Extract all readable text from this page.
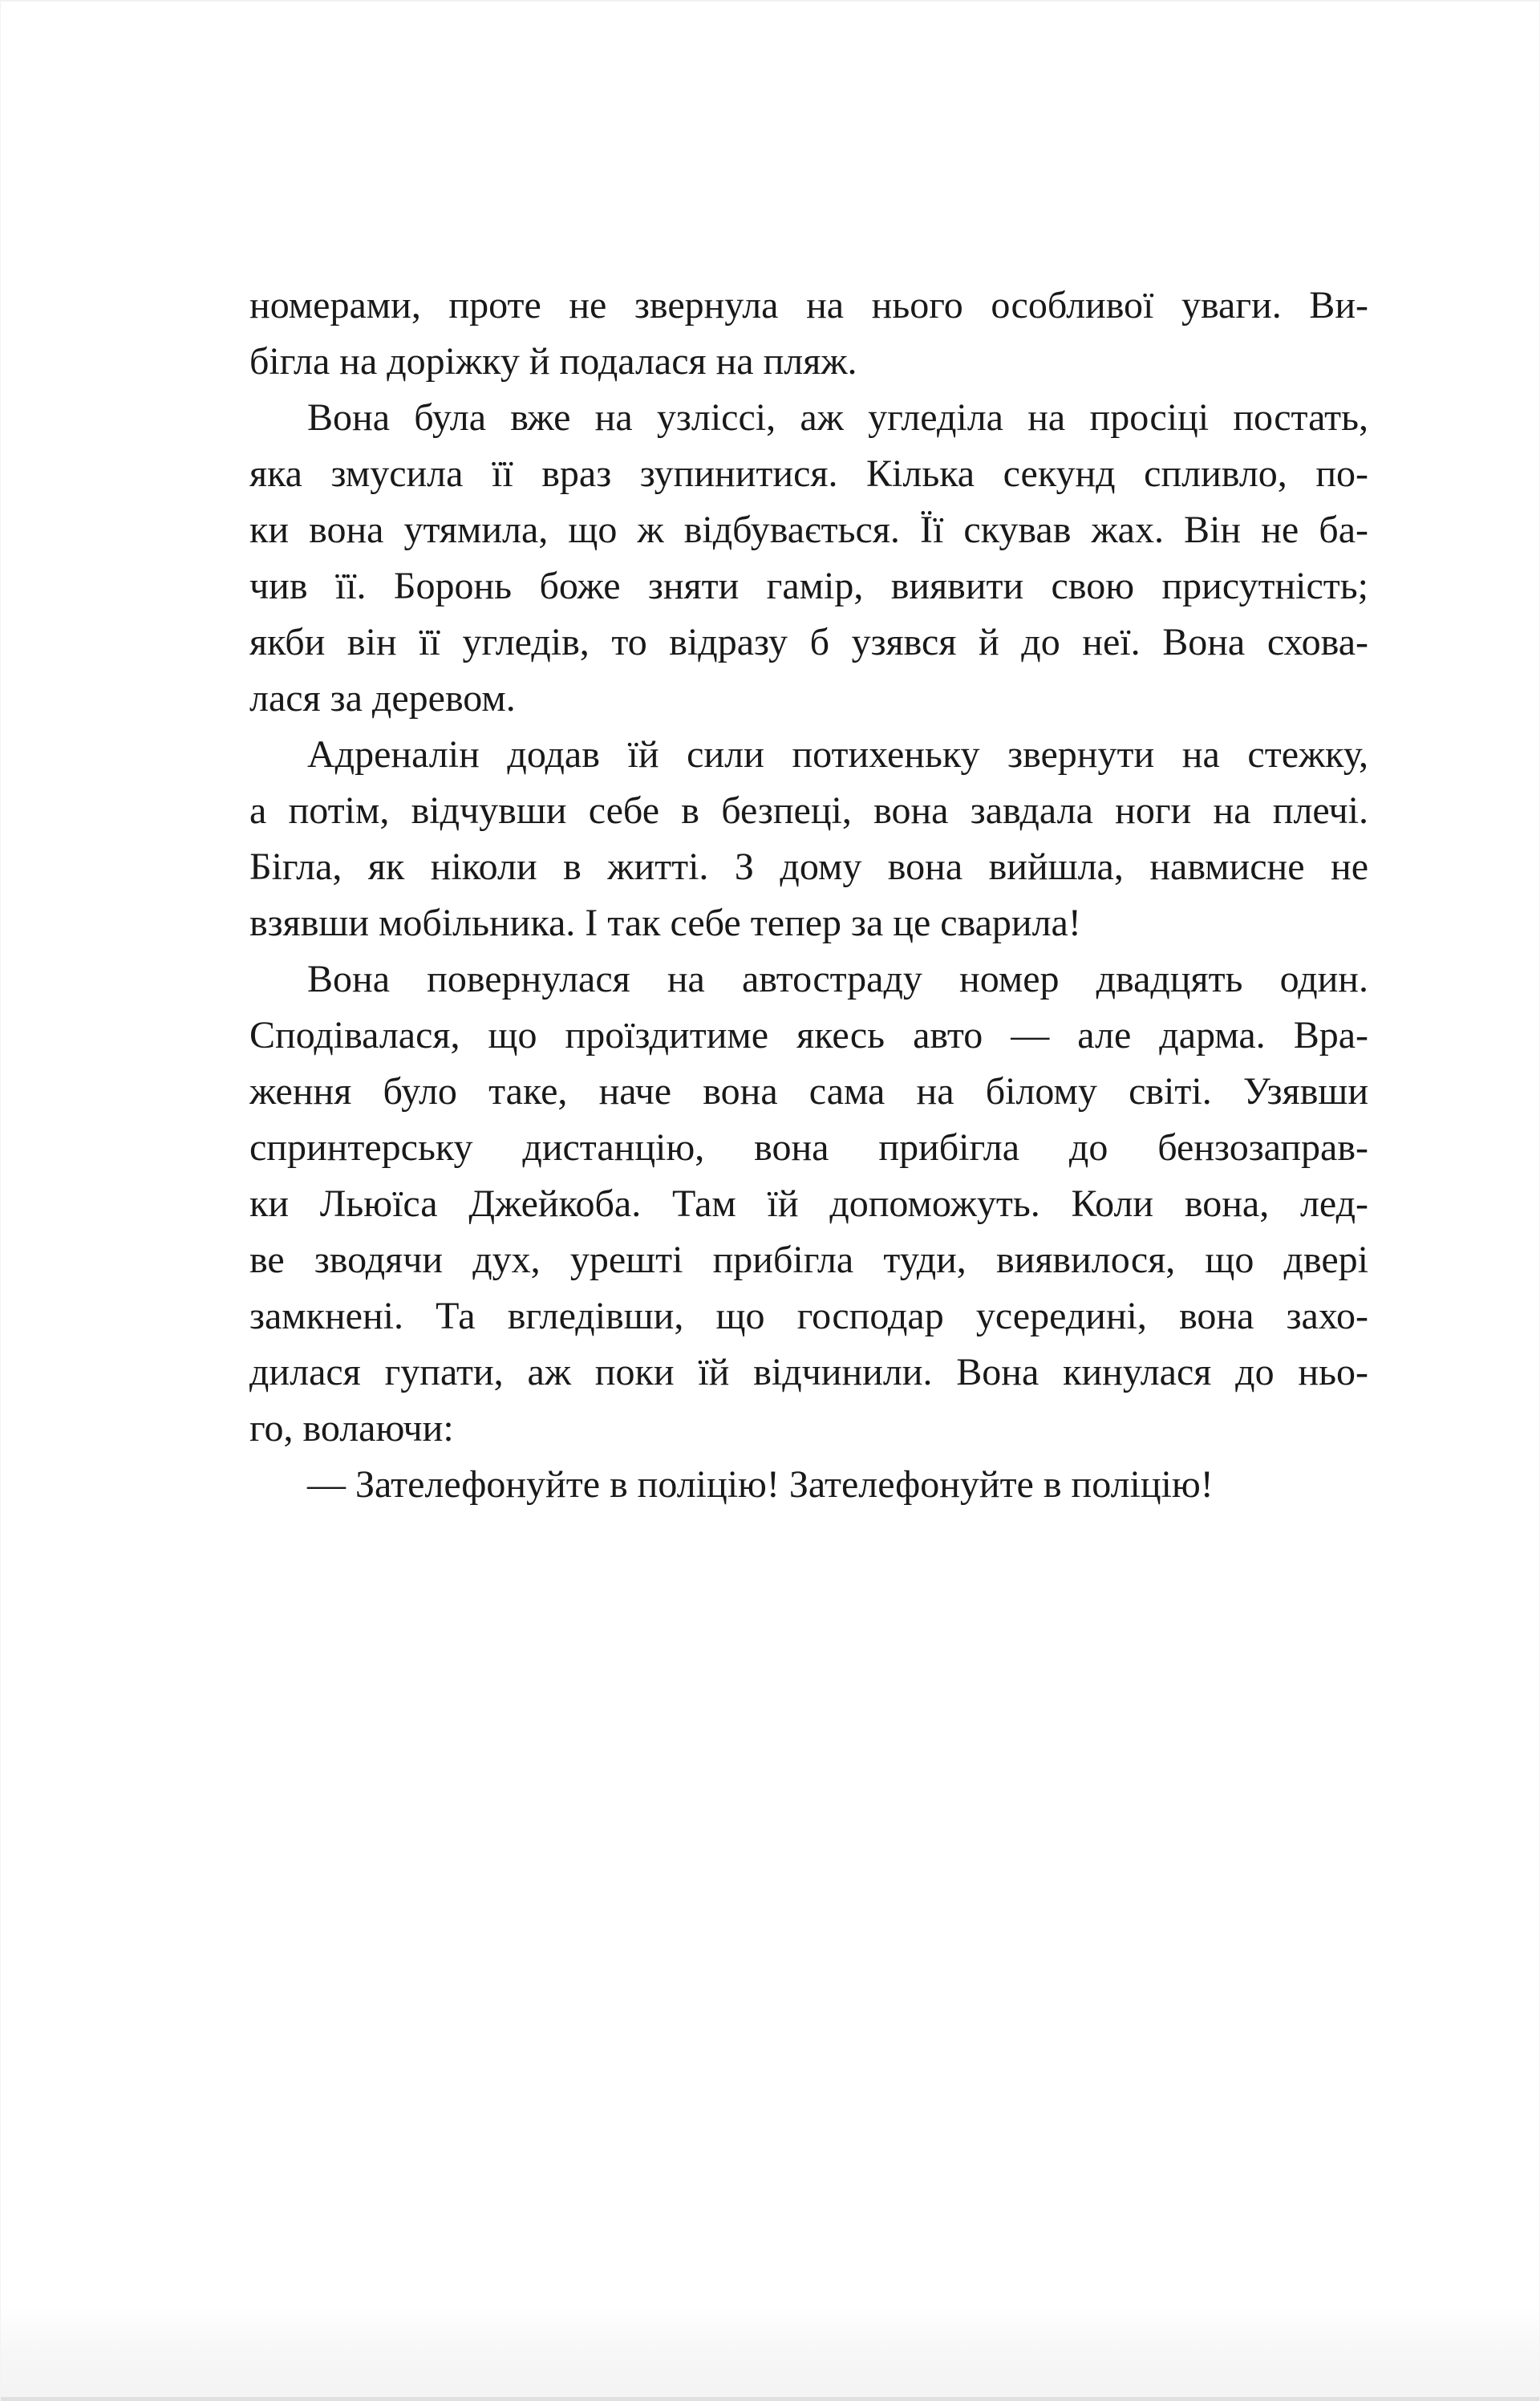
номерами, проте не звернула на нього особливої уваги. Ви-
бігла на доріжку й подалася на пляж.
Вона була вже на узліссі, аж угледіла на просіці постать,
яка змусила її враз зупинитися. Кілька секунд спливло, по-
ки вона утямила, що ж відбувається. Її скував жах. Він не ба-
чив її. Боронь боже зняти гамір, виявити свою присутність;
якби він її угледів, то відразу б узявся й до неї. Вона схова-
лася за деревом.
Адреналін додав їй сили потихеньку звернути на стежку,
а потім, відчувши себе в безпеці, вона завдала ноги на плечі.
Бігла, як ніколи в житті. З дому вона вийшла, навмисне не
взявши мобільника. І так себе тепер за це сварила!
Вона повернулася на автостраду номер двадцять один.
Сподівалася, що проїздитиме якесь авто — але дарма. Вра-
ження було таке, наче вона сама на білому світі. Узявши
спринтерську дистанцію, вона прибігла до бензозаправ-
ки Льюїса Джейкоба. Там їй допоможуть. Коли вона, лед-
ве зводячи дух, урешті прибігла туди, виявилося, що двері
замкнені. Та вгледівши, що господар усередині, вона захо-
дилася гупати, аж поки їй відчинили. Вона кинулася до ньо-
го, волаючи:
— Зателефонуйте в поліцію! Зателефонуйте в поліцію!
